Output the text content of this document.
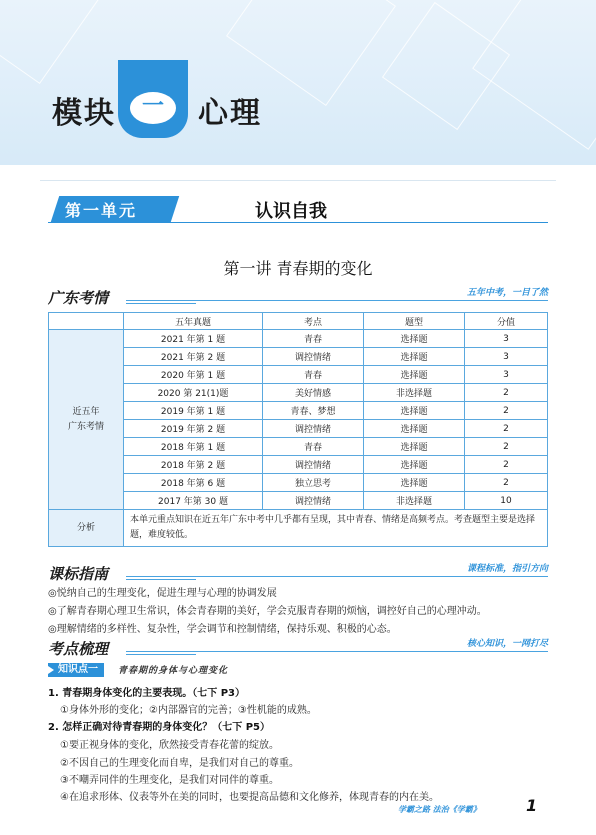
一
模块	心理
第一单元	认识自我
第一讲 青春期的变化
广东考情	五年中考，一目了然
	五年真题	考点	题型	分值

近五年
广东考情	2021 年第 1 题	青春	选择题	3
	2021 年第 2 题	调控情绪	选择题	3
	2020 年第 1 题	青春	选择题	3
	2020 第 21(1)题	美好情感	非选择题	2
	2019 年第 1 题	青春、梦想	选择题	2
	2019 年第 2 题	调控情绪	选择题	2
	2018 年第 1 题	青春	选择题	2
	2018 年第 2 题	调控情绪	选择题	2
	2018 年第 6 题	独立思考	选择题	2
	2017 年第 30 题	调控情绪	非选择题	10
分析	本单元重点知识在近五年广东中考中几乎都有呈现，其中青春、情绪是高频考点。考查题型主要是选择题，难度较低。			
课标指南	课程标准，指引方向
◎悦纳自己的生理变化，促进生理与心理的协调发展
◎了解青春期心理卫生常识，体会青春期的美好，学会克服青春期的烦恼，调控好自己的心理冲动。
◎理解情绪的多样性、复杂性，学会调节和控制情绪，保持乐观、积极的心态。
考点梳理	核心知识，一网打尽
知识点一	青春期的身体与心理变化
1. 青春期身体变化的主要表现。（七下 P3）
①身体外形的变化；②内部器官的完善；③性机能的成熟。
2. 怎样正确对待青春期的身体变化？（七下 P5）
①要正视身体的变化，欣然接受青春花蕾的绽放。
②不因自己的生理变化而自卑，是我们对自己的尊重。
③不嘲弄同伴的生理变化，是我们对同伴的尊重。
④在追求形体、仪表等外在美的同时，也要提高品德和文化修养，体现青春的内在美。
学霸之路 法治《学霸》	1
